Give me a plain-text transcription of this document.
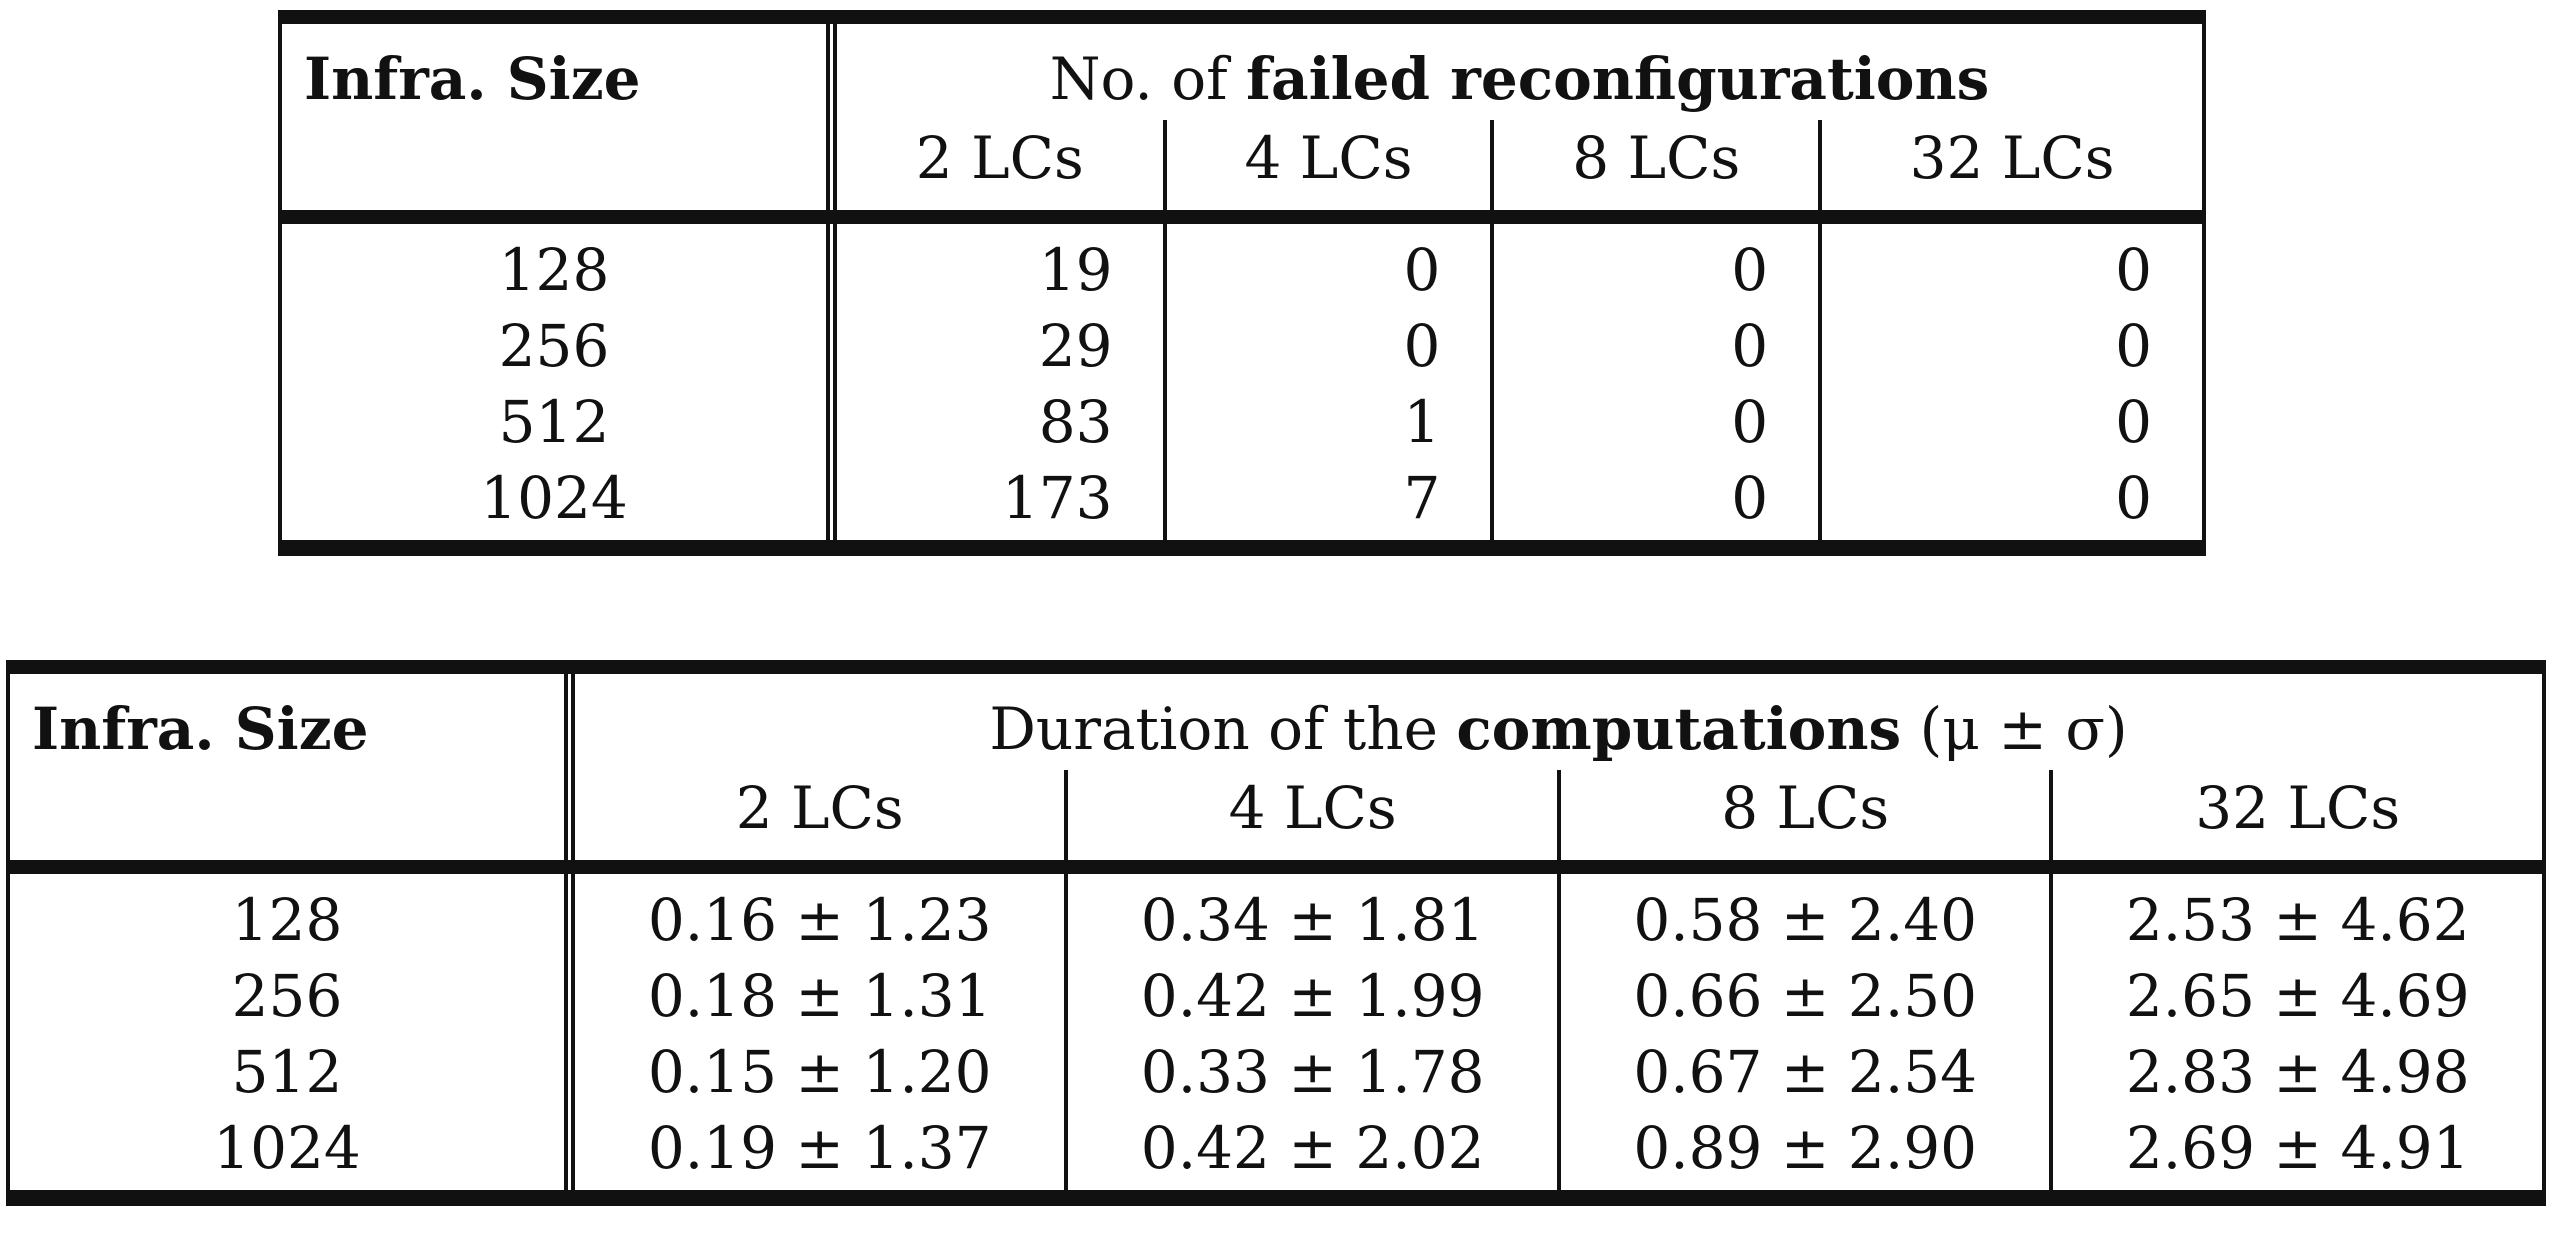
Infra. Size	No. of failed reconfigurations			
	2 LCs	4 LCs	8 LCs	32 LCs
128	19	0	0	0
256	29	0	0	0
512	83	1	0	0
1024	173	7	0	0
Infra. Size	Duration of the computations (μ ± σ)			
	2 LCs	4 LCs	8 LCs	32 LCs
128	0.16 ± 1.23	0.34 ± 1.81	0.58 ± 2.40	2.53 ± 4.62
256	0.18 ± 1.31	0.42 ± 1.99	0.66 ± 2.50	2.65 ± 4.69
512	0.15 ± 1.20	0.33 ± 1.78	0.67 ± 2.54	2.83 ± 4.98
1024	0.19 ± 1.37	0.42 ± 2.02	0.89 ± 2.90	2.69 ± 4.91
